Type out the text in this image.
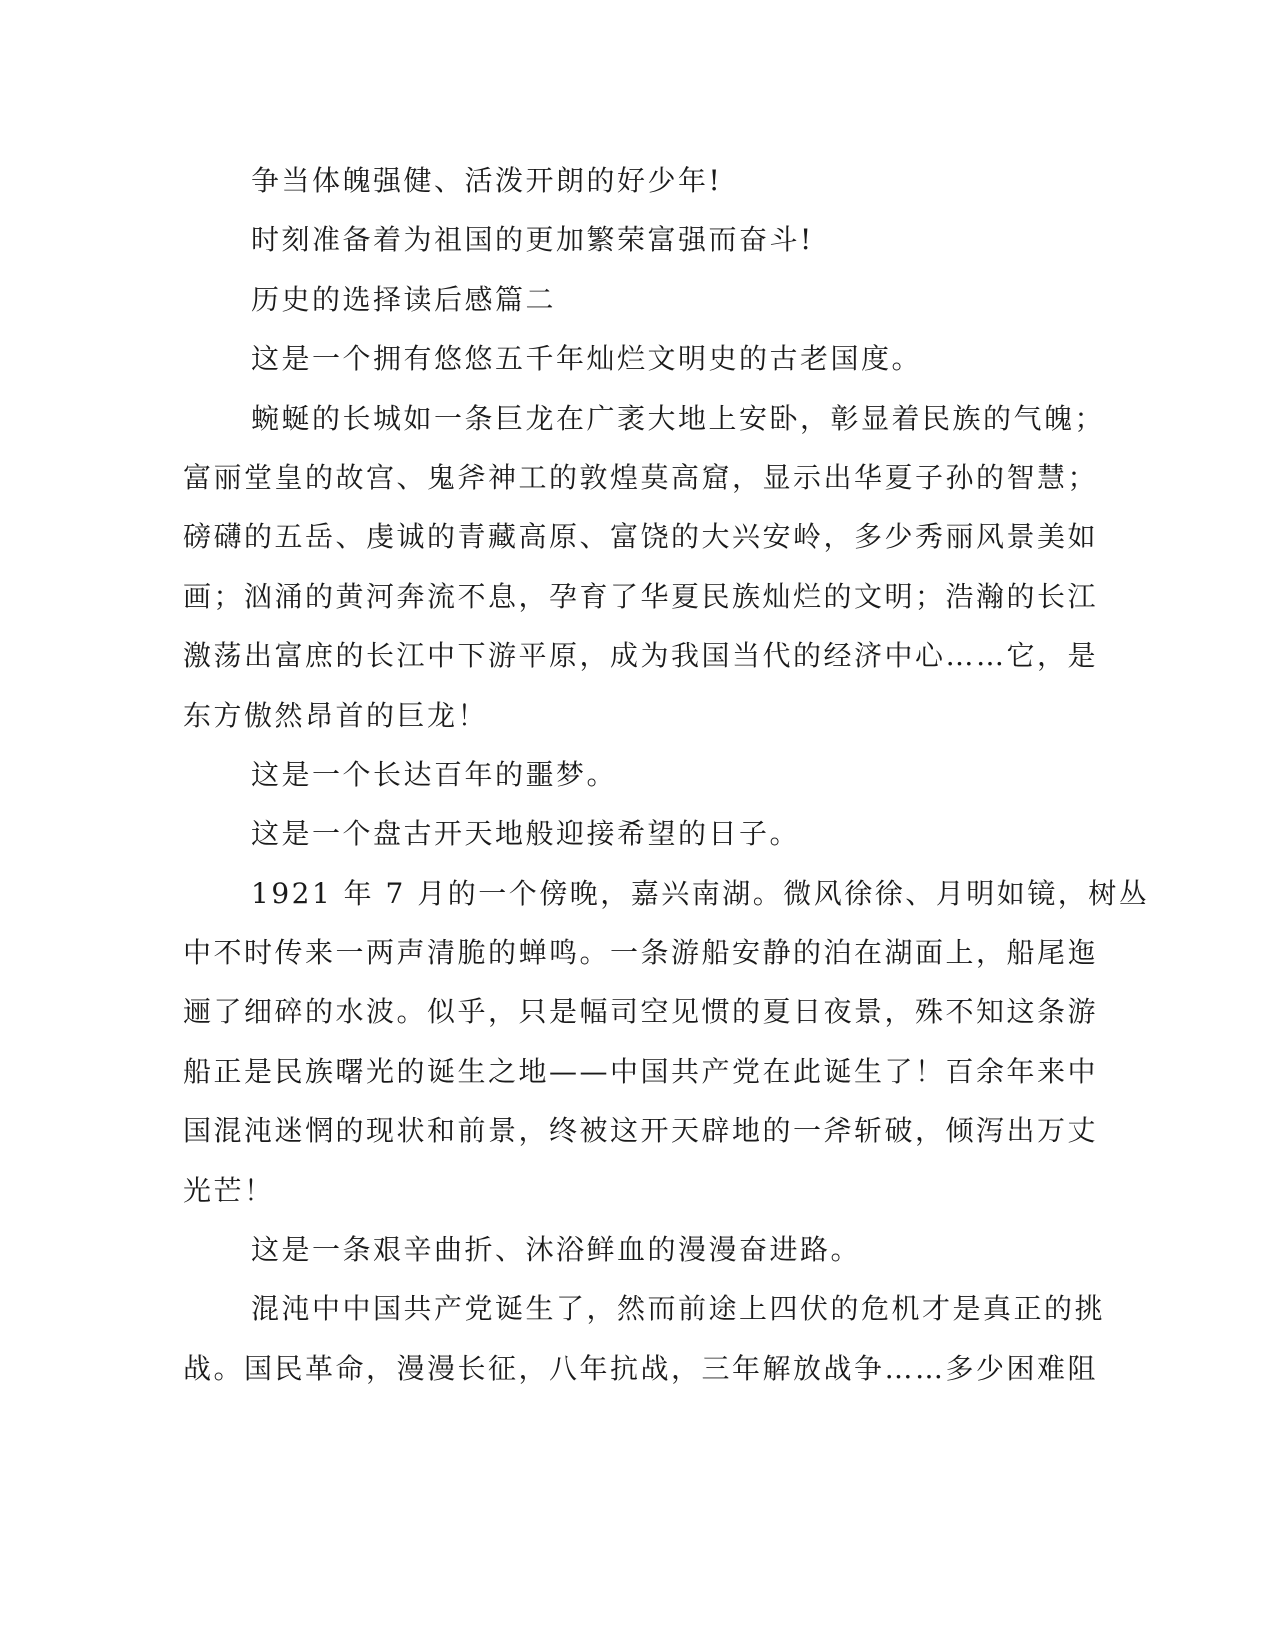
争当体魄强健、活泼开朗的好少年!
时刻准备着为祖国的更加繁荣富强而奋斗!
历史的选择读后感篇二
这是一个拥有悠悠五千年灿烂文明史的古老国度。
蜿蜒的长城如一条巨龙在广袤大地上安卧，彰显着民族的气魄；
富丽堂皇的故宫、鬼斧神工的敦煌莫高窟，显示出华夏子孙的智慧；
磅礴的五岳、虔诚的青藏高原、富饶的大兴安岭，多少秀丽风景美如
画；汹涌的黄河奔流不息，孕育了华夏民族灿烂的文明；浩瀚的长江
激荡出富庶的长江中下游平原，成为我国当代的经济中心……它，是
东方傲然昂首的巨龙！
这是一个长达百年的噩梦。
这是一个盘古开天地般迎接希望的日子。
1921 年 7 月的一个傍晚，嘉兴南湖。微风徐徐、月明如镜，树丛
中不时传来一两声清脆的蝉鸣。一条游船安静的泊在湖面上，船尾迤
逦了细碎的水波。似乎，只是幅司空见惯的夏日夜景，殊不知这条游
船正是民族曙光的诞生之地——中国共产党在此诞生了！百余年来中
国混沌迷惘的现状和前景，终被这开天辟地的一斧斩破，倾泻出万丈
光芒！
这是一条艰辛曲折、沐浴鲜血的漫漫奋进路。
混沌中中国共产党诞生了，然而前途上四伏的危机才是真正的挑
战。国民革命，漫漫长征，八年抗战，三年解放战争……多少困难阻
